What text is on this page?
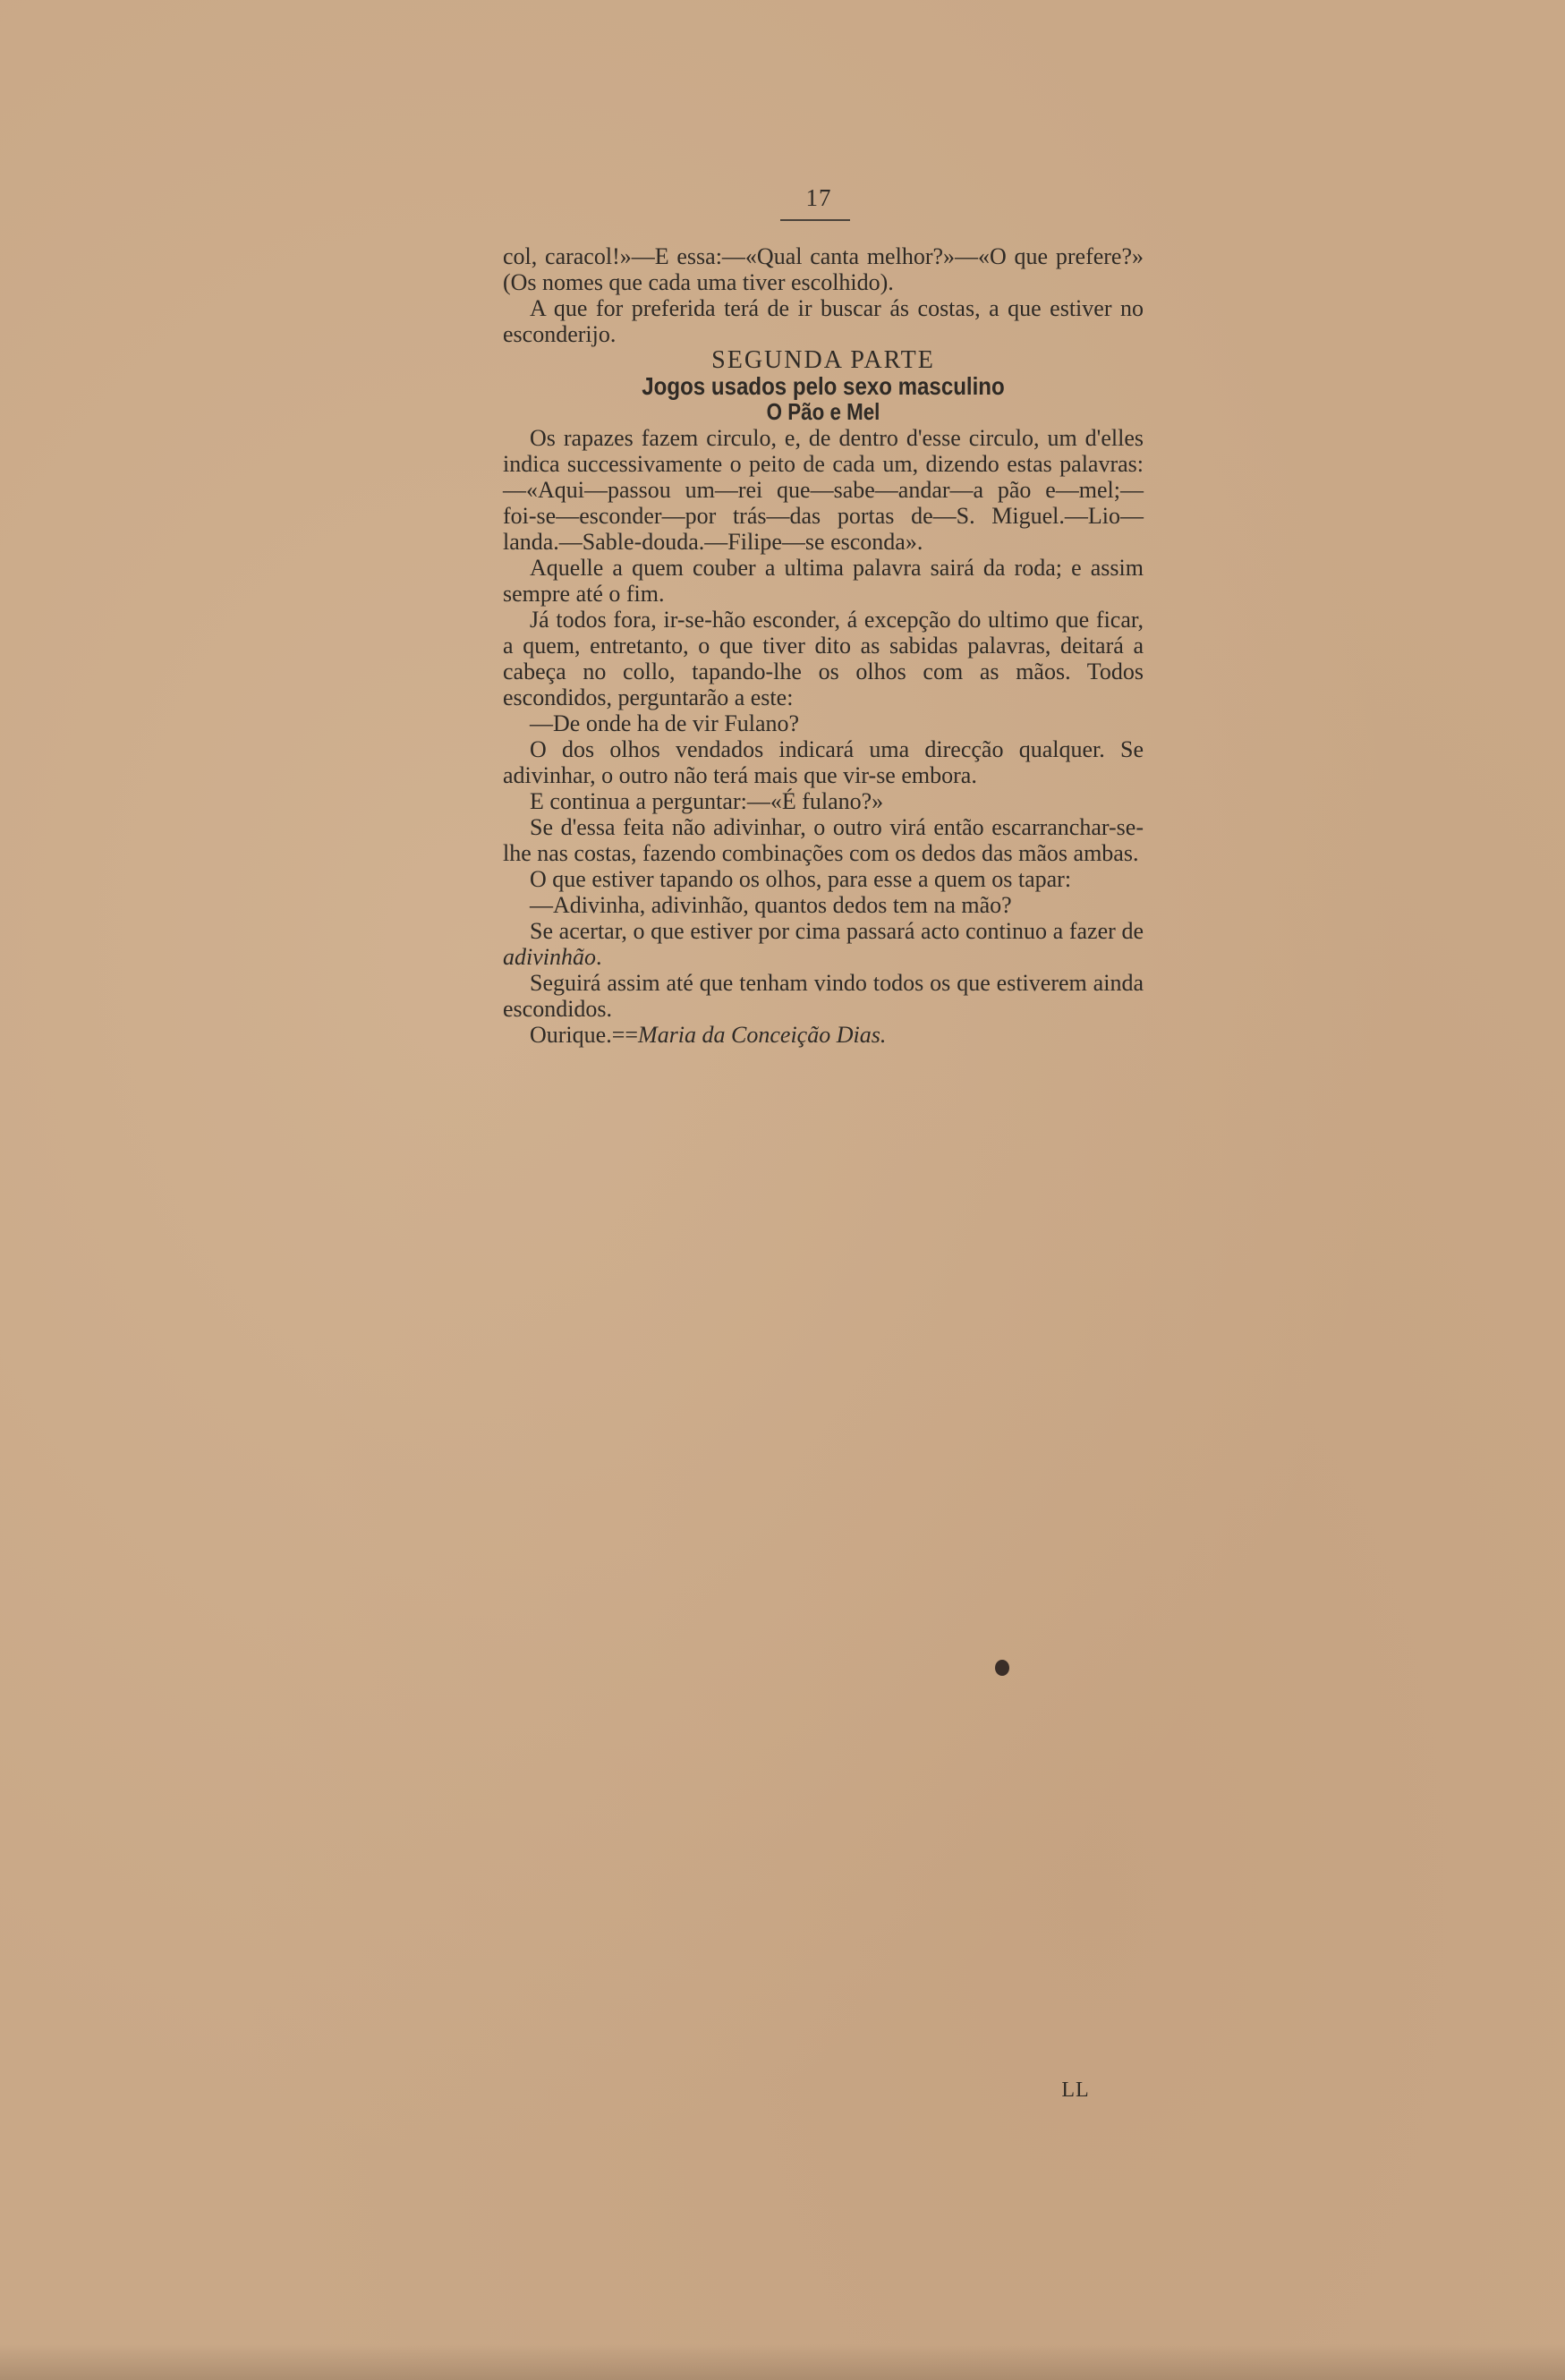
17

col, caracol!»—E essa:—«Qual canta melhor?»—«O que prefere?» (Os nomes que cada uma tiver escolhido).

A que for preferida terá de ir buscar ás costas, a que estiver no esconderijo.

SEGUNDA PARTE

Jogos usados pelo sexo masculino

O Pão e Mel

Os rapazes fazem circulo, e, de dentro d'esse circulo, um d'elles indica successivamente o peito de cada um, dizendo estas palavras:—«Aqui—passou um—rei que—sabe—andar—a pão e—mel;—foi-se—esconder—por trás—das portas de—S. Miguel.—Lio—landa.—Sable-douda.—Filipe—se esconda».

Aquelle a quem couber a ultima palavra sairá da roda; e assim sempre até o fim.

Já todos fora, ir-se-hão esconder, á excepção do ultimo que ficar, a quem, entretanto, o que tiver dito as sabidas palavras, deitará a cabeça no collo, tapando-lhe os olhos com as mãos. Todos escondidos, perguntarão a este:

—De onde ha de vir Fulano?

O dos olhos vendados indicará uma direcção qualquer. Se adivinhar, o outro não terá mais que vir-se embora.

E continua a perguntar:—«É fulano?»

Se d'essa feita não adivinhar, o outro virá então escarranchar-se-lhe nas costas, fazendo combinações com os dedos das mãos ambas.

O que estiver tapando os olhos, para esse a quem os tapar:

—Adivinha, adivinhão, quantos dedos tem na mão?

Se acertar, o que estiver por cima passará acto continuo a fazer de adivinhão.

Seguirá assim até que tenham vindo todos os que estiverem ainda escondidos.

Ourique.==Maria da Conceição Dias.

LL
